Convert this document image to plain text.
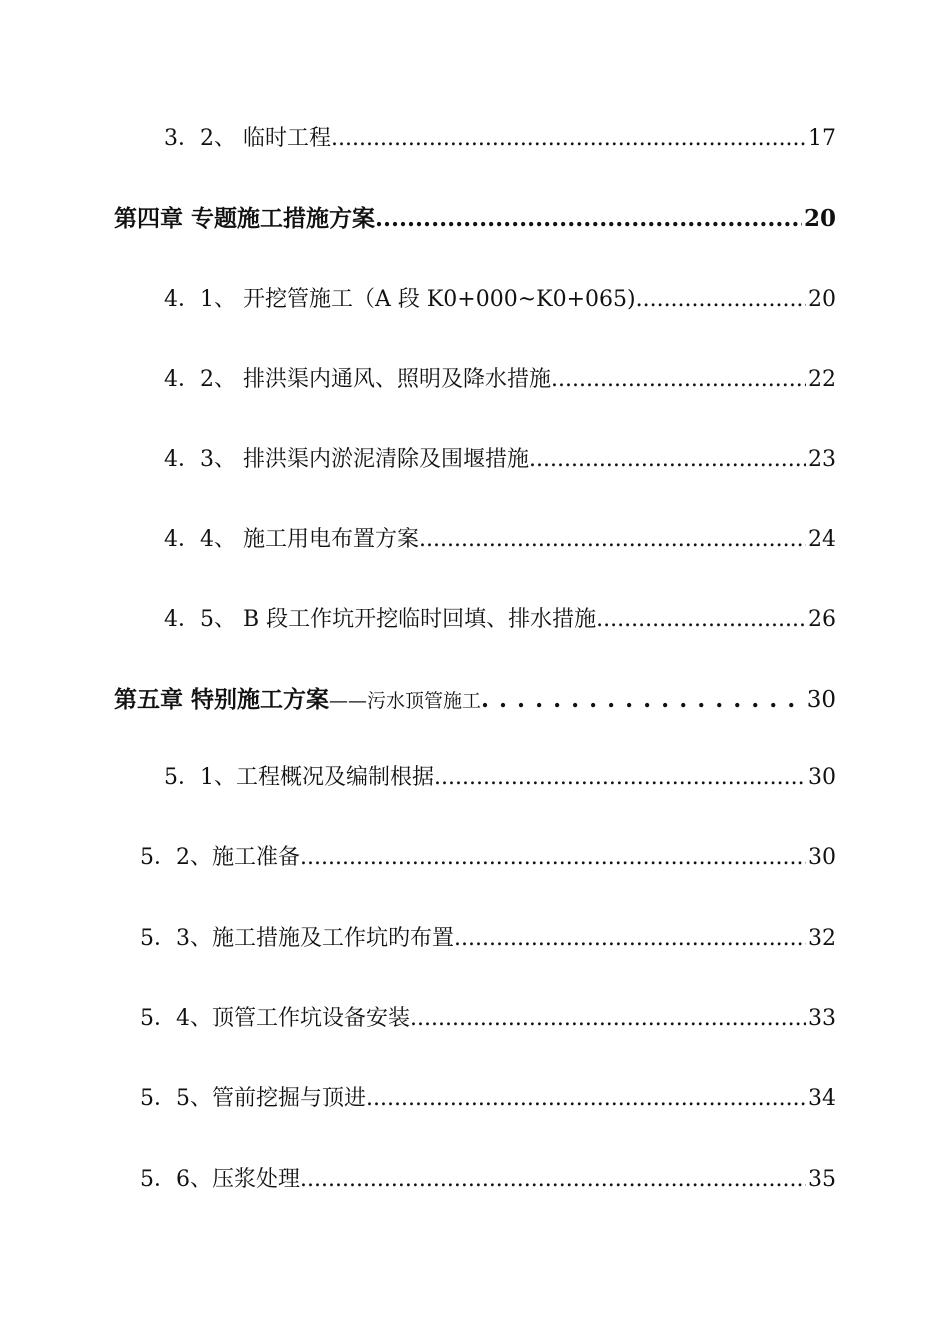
3．2、 临时工程 .....	17
第四章 专题施工措施方案 .....	20
4．1、 开挖管施工（A 段 K0+000~K0+065) .....	20
4．2、 排洪渠内通风、照明及降水措施 .....	22
4．3、 排洪渠内淤泥清除及围堰措施 .....	23
4．4、 施工用电布置方案 .....	24
4．5、 B 段工作坑开挖临时回填、排水措施 .....	26
第五章 特别施工方案——污水顶管施工 . . .	30
5．1、工程概况及编制根据 .....	30
5．2、施工准备 .....	30
5．3、施工措施及工作坑旳布置 .....	32
5．4、顶管工作坑设备安装 .....	33
5．5、管前挖掘与顶进 .....	34
5．6、压浆处理 .....	35
